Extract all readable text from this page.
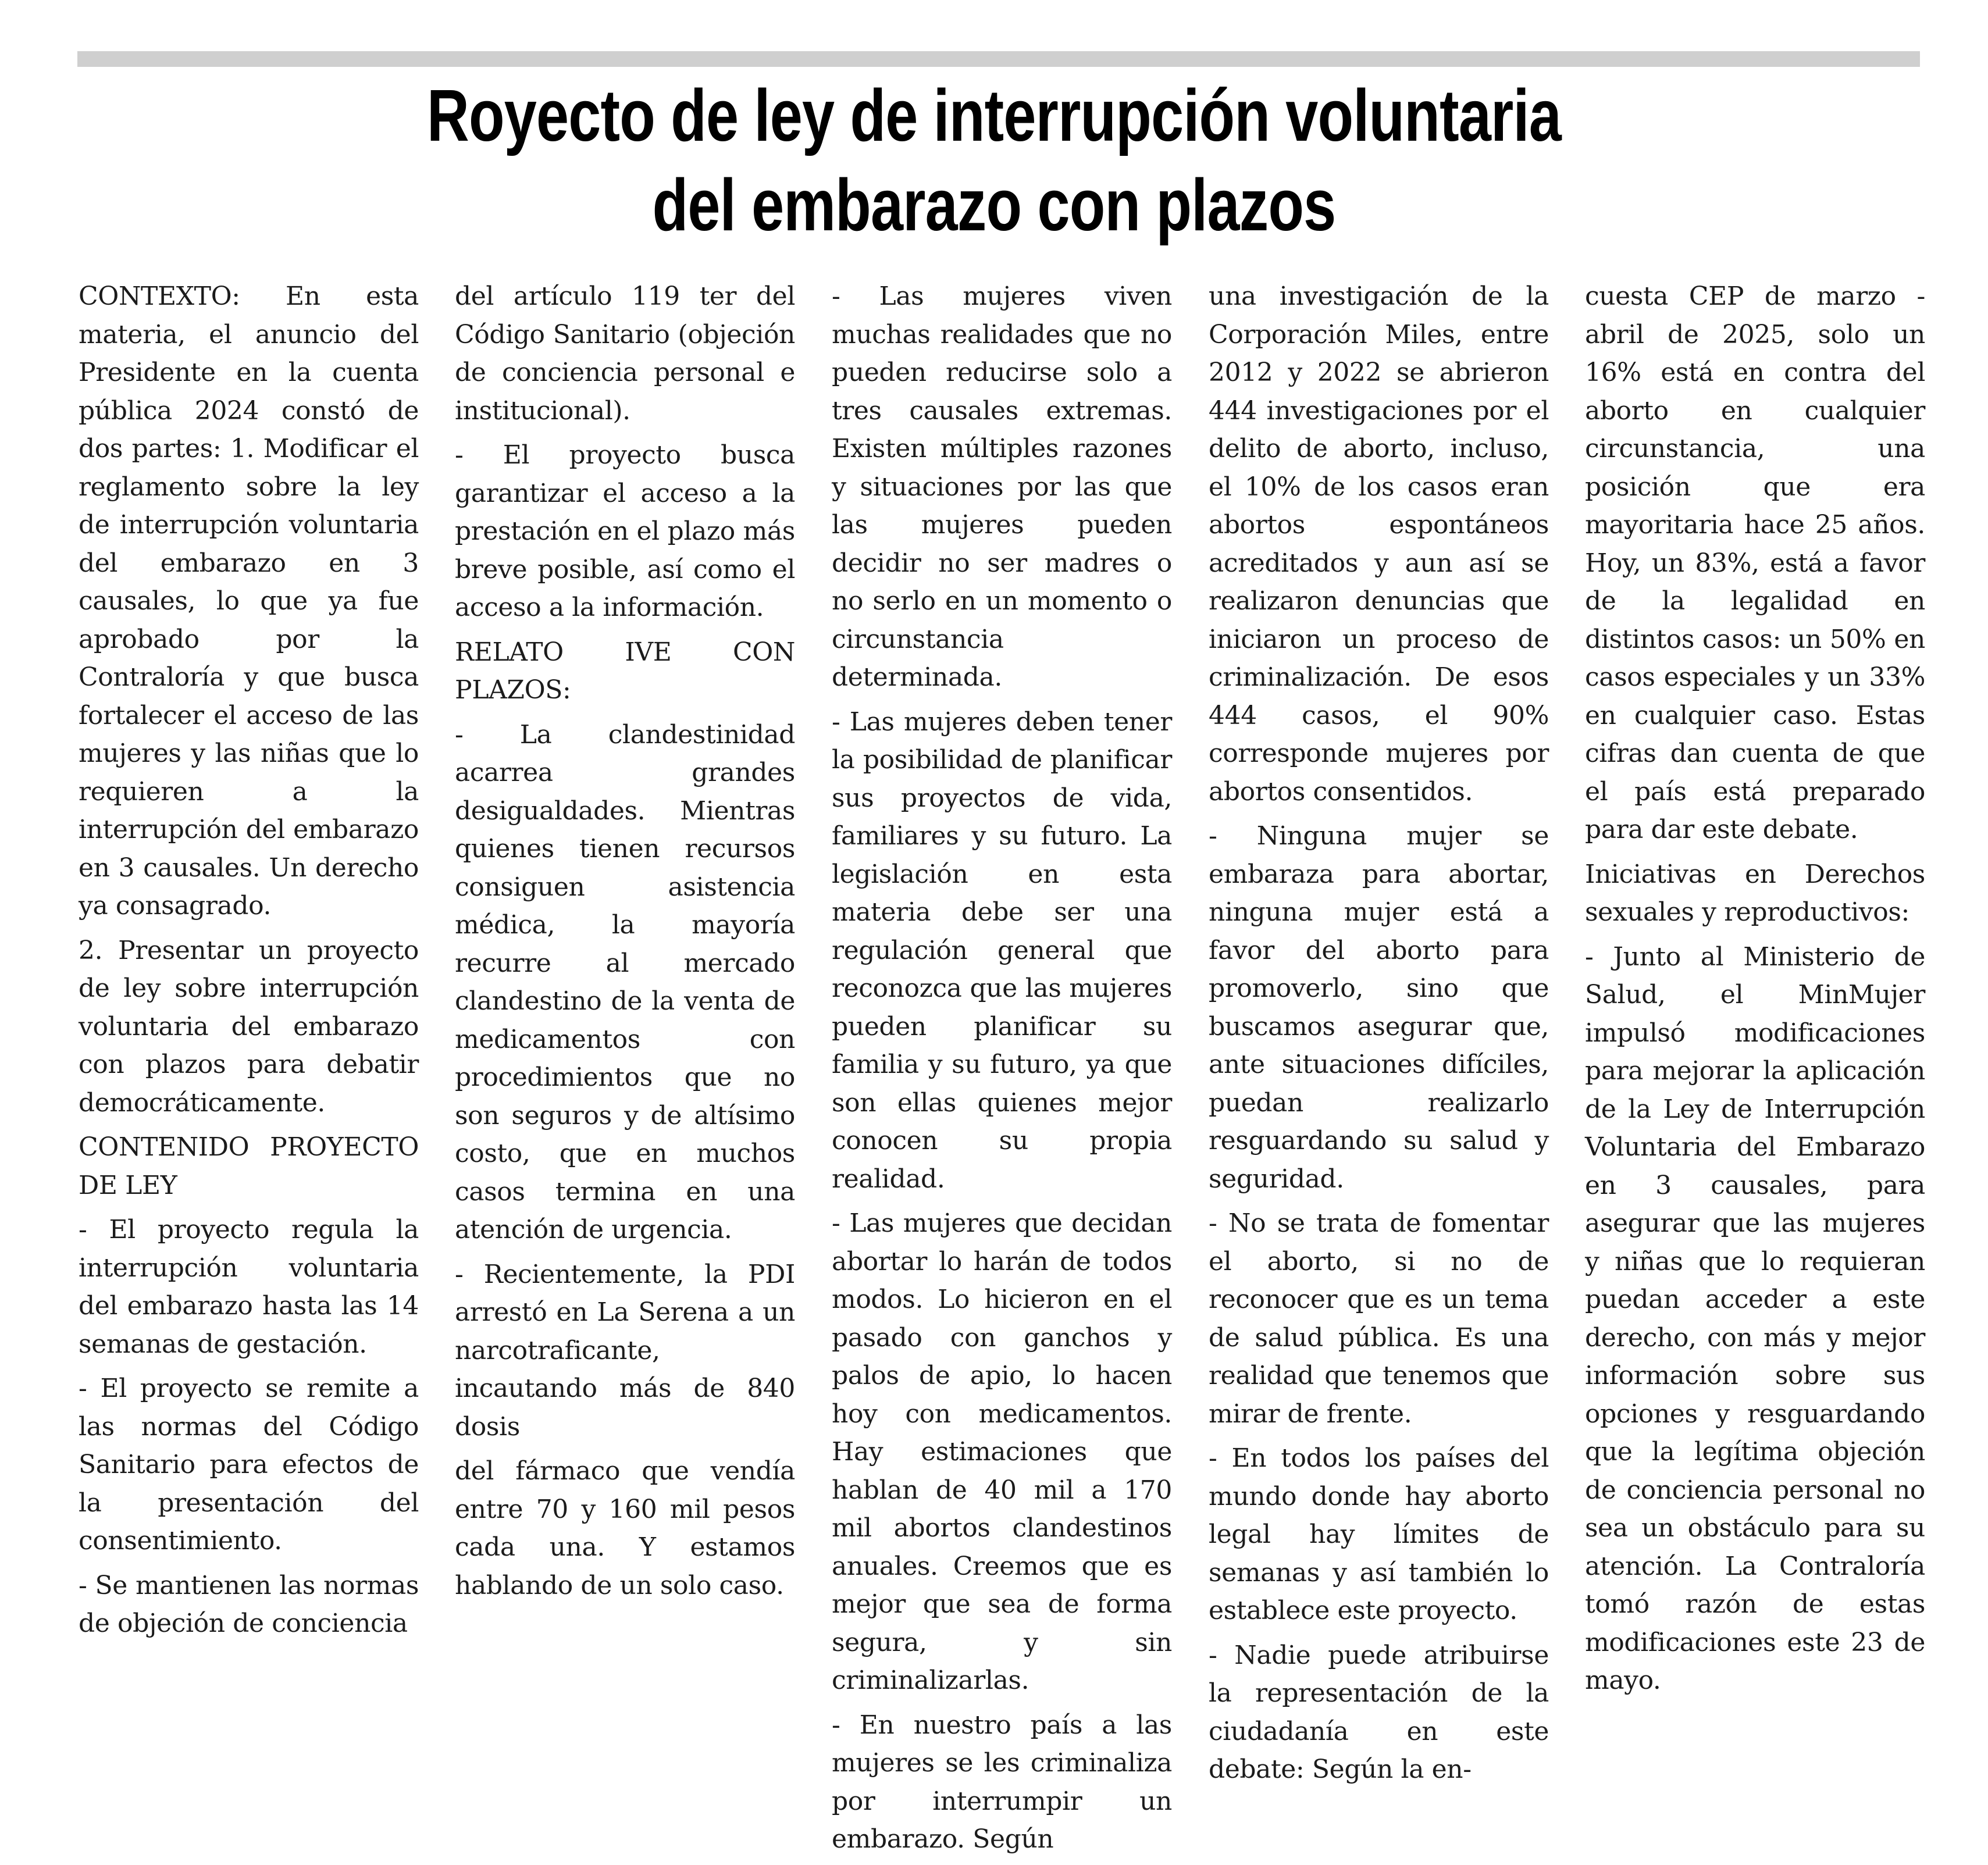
Royecto de ley de interrupción voluntaria
del embarazo con plazos

CONTEXTO: En esta materia, el anuncio del Presidente en la cuenta pública 2024 constó de dos partes: 1. Modificar el reglamento sobre la ley de interrupción voluntaria del embarazo en 3 causales, lo que ya fue aprobado por la Contraloría y que busca fortalecer el acceso de las mujeres y las niñas que lo requieren a la interrupción del embarazo en 3 causales. Un derecho ya consagrado.

2. Presentar un proyecto de ley sobre interrupción voluntaria del embarazo con plazos para debatir democráticamente.

CONTENIDO PROYECTO DE LEY

- El proyecto regula la interrupción voluntaria del embarazo hasta las 14 semanas de gestación.

- El proyecto se remite a las normas del Código Sanitario para efectos de la presentación del consentimiento.

- Se mantienen las normas de objeción de conciencia

del artículo 119 ter del Código Sanitario (objeción de conciencia personal e institucional).

- El proyecto busca garantizar el acceso a la prestación en el plazo más breve posible, así como el acceso a la información.

RELATO IVE CON PLAZOS:

- La clandestinidad acarrea grandes desigualdades. Mientras quienes tienen recursos consiguen asistencia médica, la mayoría recurre al mercado clandestino de la venta de medicamentos con procedimientos que no son seguros y de altísimo costo, que en muchos casos termina en una atención de urgencia.

- Recientemente, la PDI arrestó en La Serena a un narcotraficante, incautando más de 840 dosis

del fármaco que vendía entre 70 y 160 mil pesos cada una. Y estamos hablando de un solo caso.

- Las mujeres viven muchas realidades que no pueden reducirse solo a tres causales extremas. Existen múltiples razones y situaciones por las que las mujeres pueden decidir no ser madres o no serlo en un momento o circunstancia determinada.

- Las mujeres deben tener la posibilidad de planificar sus proyectos de vida, familiares y su futuro. La legislación en esta materia debe ser una regulación general que reconozca que las mujeres pueden planificar su familia y su futuro, ya que son ellas quienes mejor conocen su propia realidad.

- Las mujeres que decidan abortar lo harán de todos modos. Lo hicieron en el pasado con ganchos y palos de apio, lo hacen hoy con medicamentos. Hay estimaciones que hablan de 40 mil a 170 mil abortos clandestinos anuales. Creemos que es mejor que sea de forma segura, y sin criminalizarlas.

- En nuestro país a las mujeres se les criminaliza por interrumpir un embarazo. Según

una investigación de la Corporación Miles, entre 2012 y 2022 se abrieron 444 investigaciones por el delito de aborto, incluso, el 10% de los casos eran abortos espontáneos acreditados y aun así se realizaron denuncias que iniciaron un proceso de criminalización. De esos 444 casos, el 90% corresponde mujeres por abortos consentidos.

- Ninguna mujer se embaraza para abortar, ninguna mujer está a favor del aborto para promoverlo, sino que buscamos asegurar que, ante situaciones difíciles, puedan realizarlo resguardando su salud y seguridad.

- No se trata de fomentar el aborto, si no de reconocer que es un tema de salud pública. Es una realidad que tenemos que mirar de frente.

- En todos los países del mundo donde hay aborto legal hay límites de semanas y así también lo establece este proyecto.

- Nadie puede atribuirse la representación de la ciudadanía en este debate: Según la en-

cuesta CEP de marzo - abril de 2025, solo un 16% está en contra del aborto en cualquier circunstancia, una posición que era mayoritaria hace 25 años. Hoy, un 83%, está a favor de la legalidad en distintos casos: un 50% en casos especiales y un 33% en cualquier caso. Estas cifras dan cuenta de que el país está preparado para dar este debate.

Iniciativas en Derechos sexuales y reproductivos:

- Junto al Ministerio de Salud, el MinMujer impulsó modificaciones para mejorar la aplicación de la Ley de Interrupción Voluntaria del Embarazo en 3 causales, para asegurar que las mujeres y niñas que lo requieran puedan acceder a este derecho, con más y mejor información sobre sus opciones y resguardando que la legítima objeción de conciencia personal no sea un obstáculo para su atención. La Contraloría tomó razón de estas modificaciones este 23 de mayo.
